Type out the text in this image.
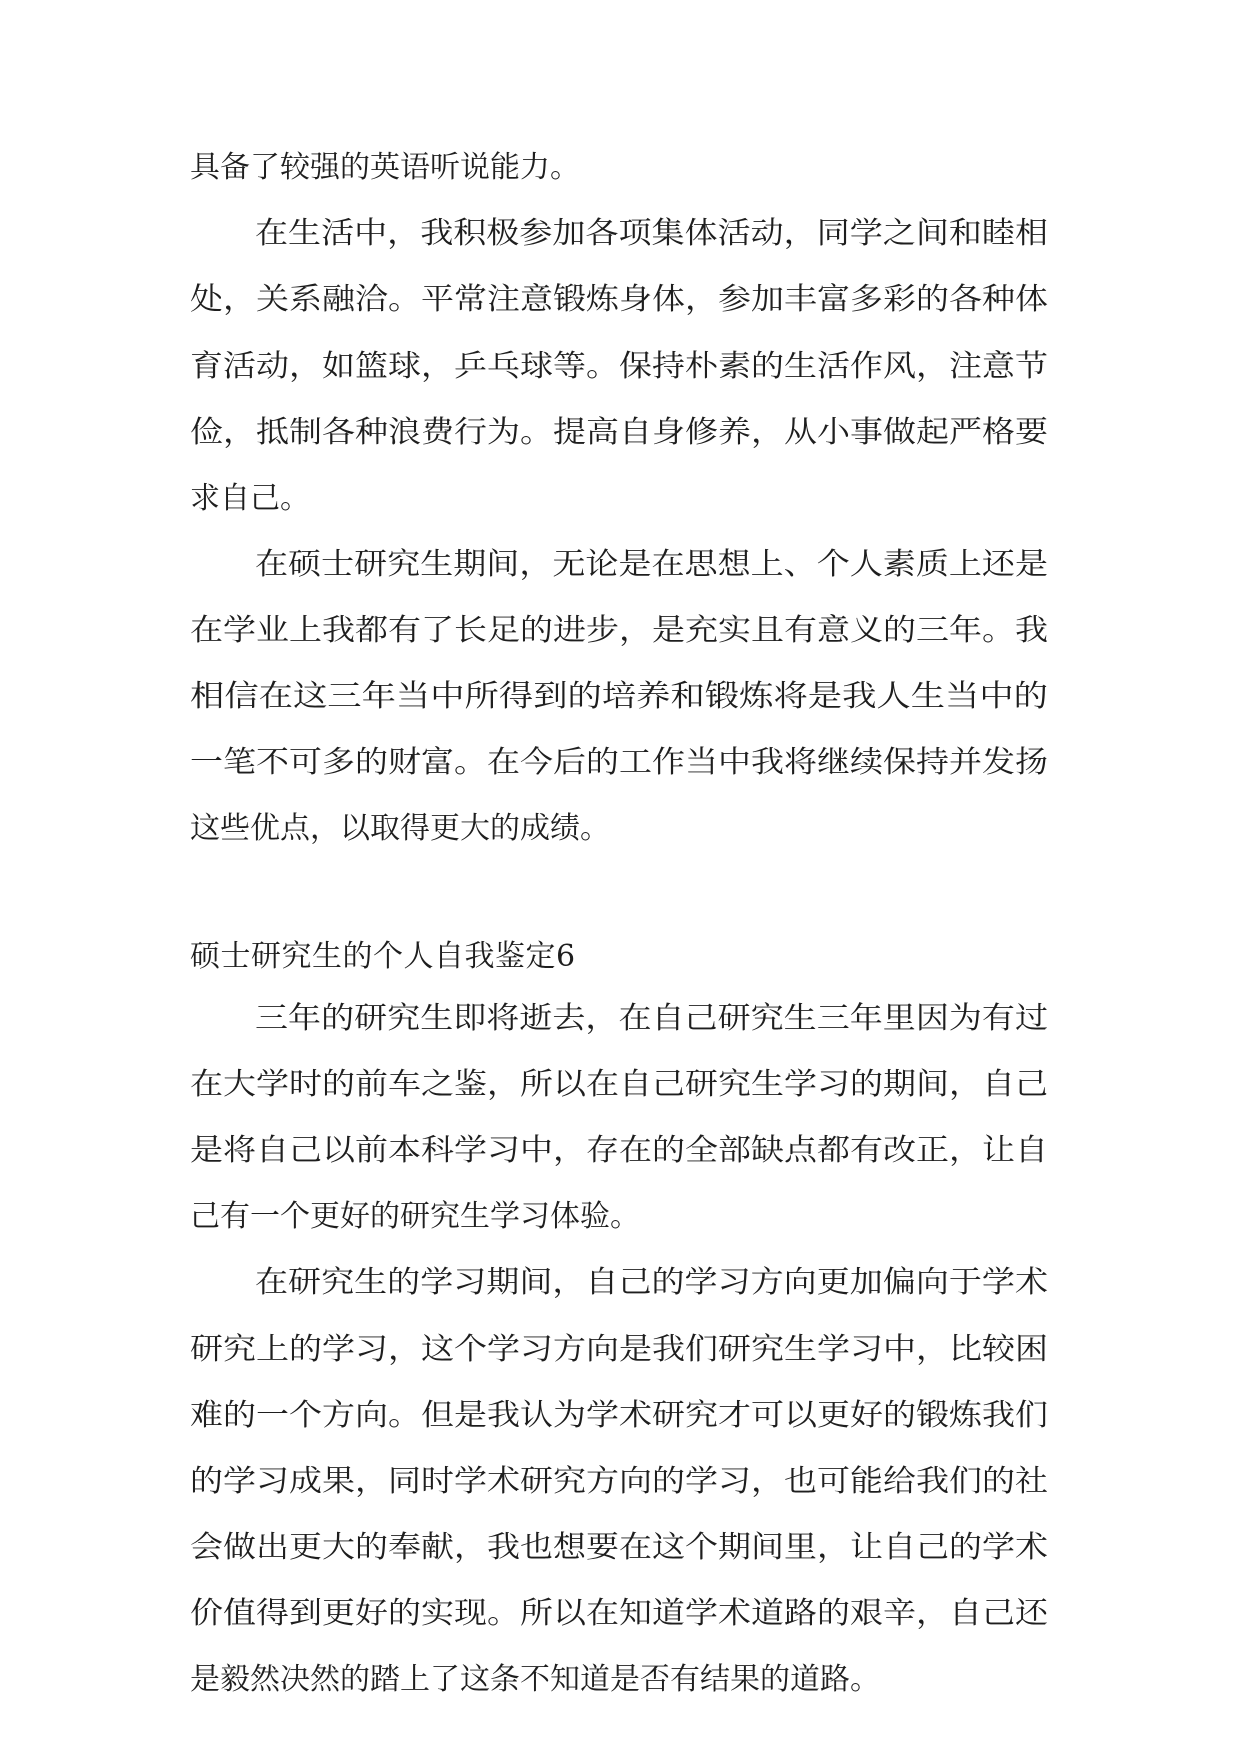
具备了较强的英语听说能力。

在生活中，我积极参加各项集体活动，同学之间和睦相

处，关系融洽。平常注意锻炼身体，参加丰富多彩的各种体

育活动，如篮球，乒乓球等。保持朴素的生活作风，注意节

俭，抵制各种浪费行为。提高自身修养，从小事做起严格要

求自己。

在硕士研究生期间，无论是在思想上、个人素质上还是

在学业上我都有了长足的进步，是充实且有意义的三年。我

相信在这三年当中所得到的培养和锻炼将是我人生当中的

一笔不可多的财富。在今后的工作当中我将继续保持并发扬

这些优点，以取得更大的成绩。

硕士研究生的个人自我鉴定6

三年的研究生即将逝去，在自己研究生三年里因为有过

在大学时的前车之鉴，所以在自己研究生学习的期间，自己

是将自己以前本科学习中，存在的全部缺点都有改正，让自

己有一个更好的研究生学习体验。

在研究生的学习期间，自己的学习方向更加偏向于学术

研究上的学习，这个学习方向是我们研究生学习中，比较困

难的一个方向。但是我认为学术研究才可以更好的锻炼我们

的学习成果，同时学术研究方向的学习，也可能给我们的社

会做出更大的奉献，我也想要在这个期间里，让自己的学术

价值得到更好的实现。所以在知道学术道路的艰辛，自己还

是毅然决然的踏上了这条不知道是否有结果的道路。
